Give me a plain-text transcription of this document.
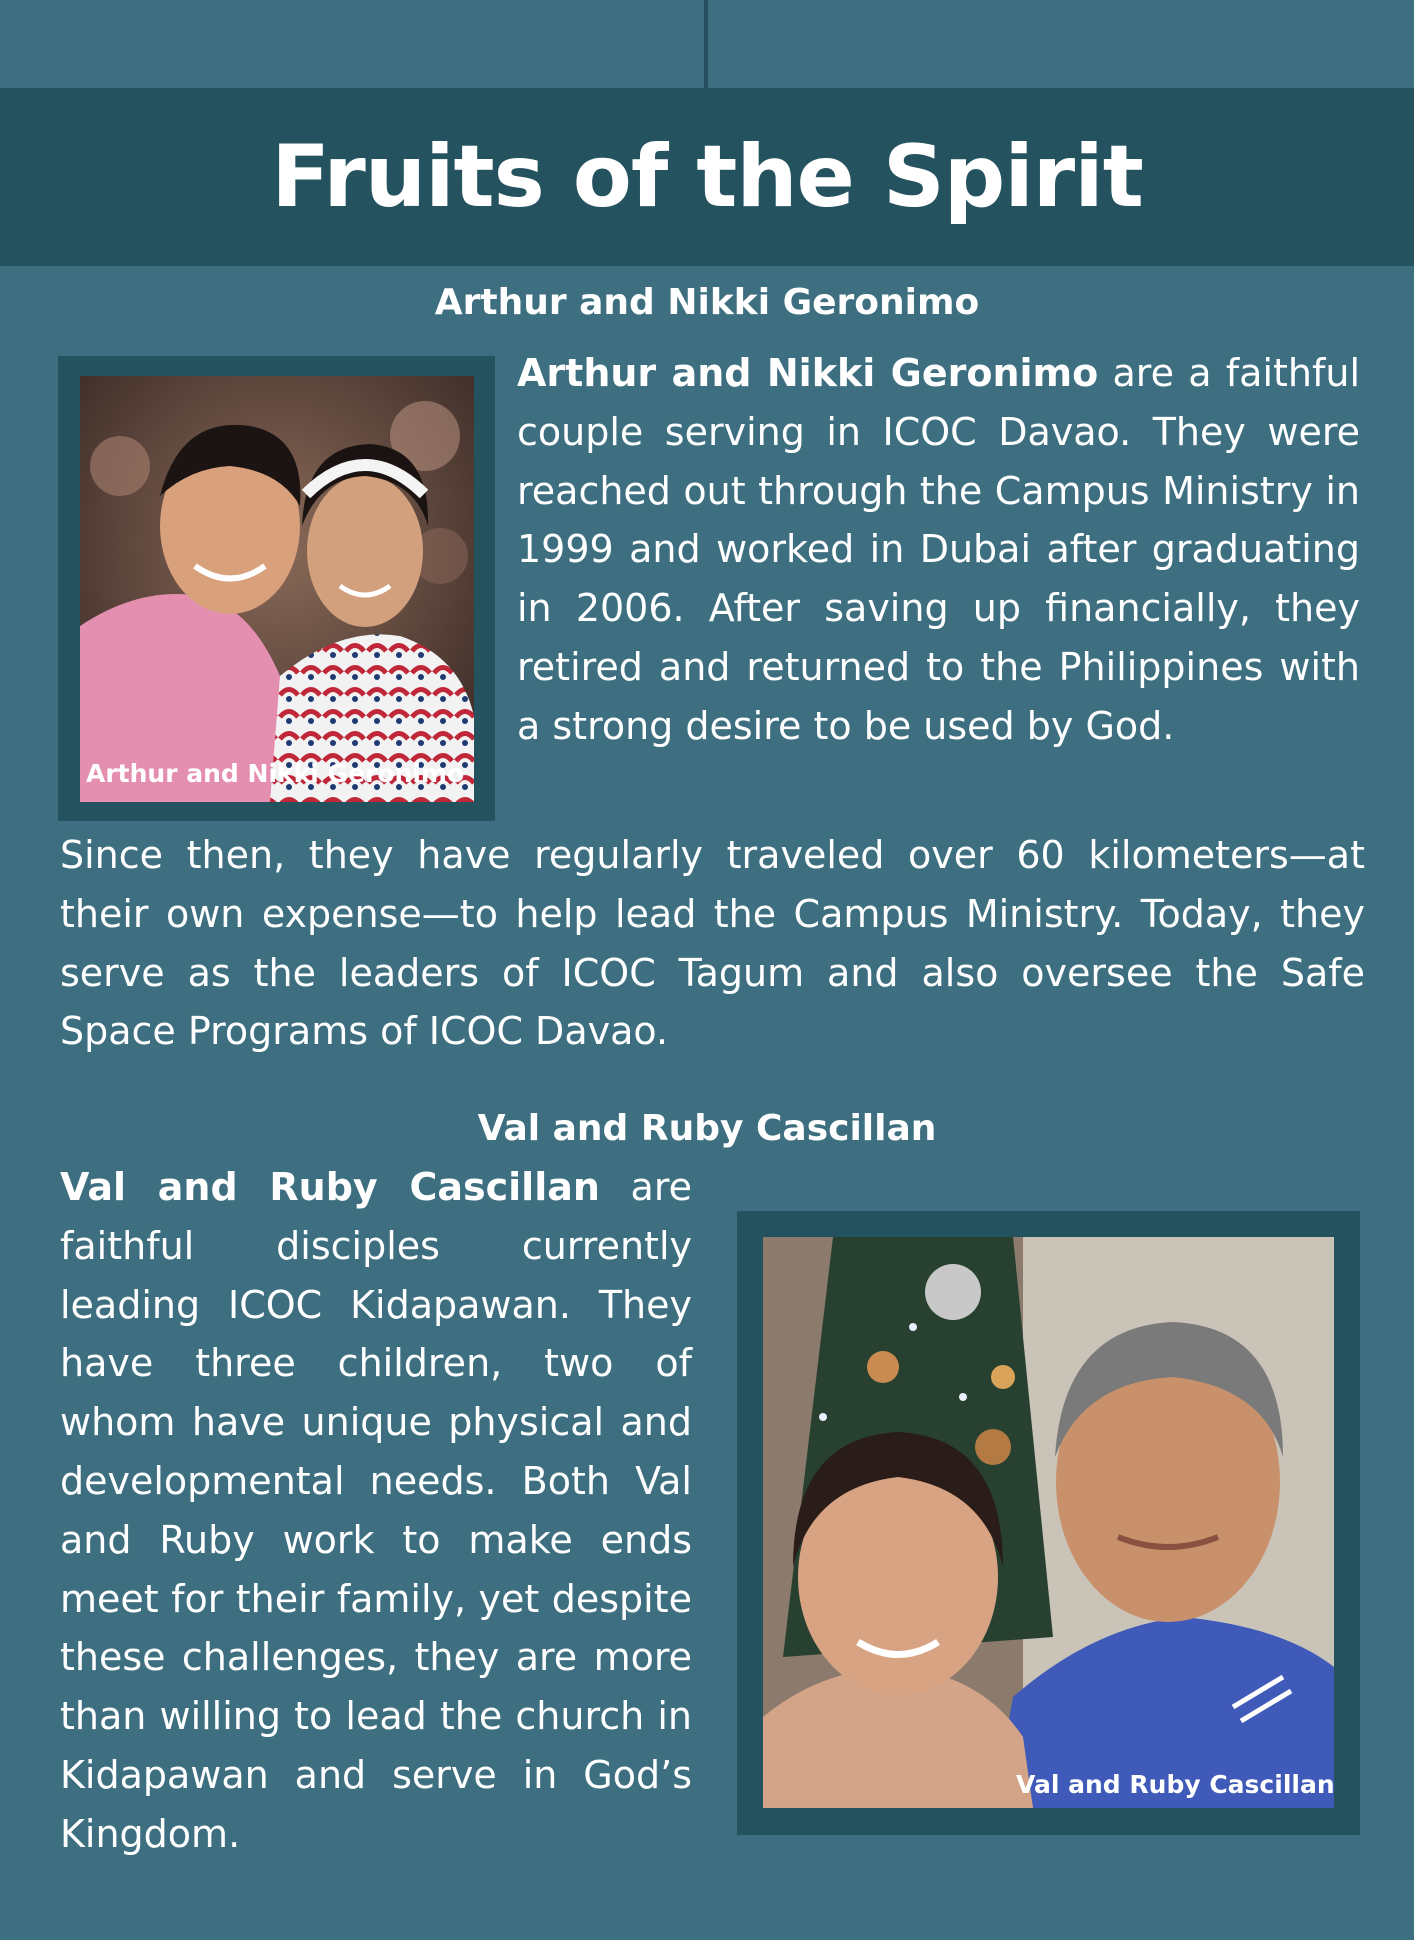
Fruits of the Spirit
Arthur and Nikki Geronimo
Arthur and Nikki Geronimo

Arthur and Nikki Geronimo are a faithful couple serving in ICOC Davao. They were reached out through the Campus Ministry in 1999 and worked in Dubai after graduating in 2006. After saving up financially, they retired and returned to the Philippines with a strong desire to be used by God.

Since then, they have regularly traveled over 60 kilometers—at their own expense—to help lead the Campus Ministry. Today, they serve as the leaders of ICOC Tagum and also oversee the Safe Space Programs of ICOC Davao.

Val and Ruby Cascillan

Val and Ruby Cascillan are faithful disciples currently leading ICOC Kidapawan. They have three children, two of whom have unique physical and developmental needs. Both Val and Ruby work to make ends meet for their family, yet despite these challenges, they are more than willing to lead the church in Kidapawan and serve in God’s Kingdom.

Val and Ruby Cascillan
